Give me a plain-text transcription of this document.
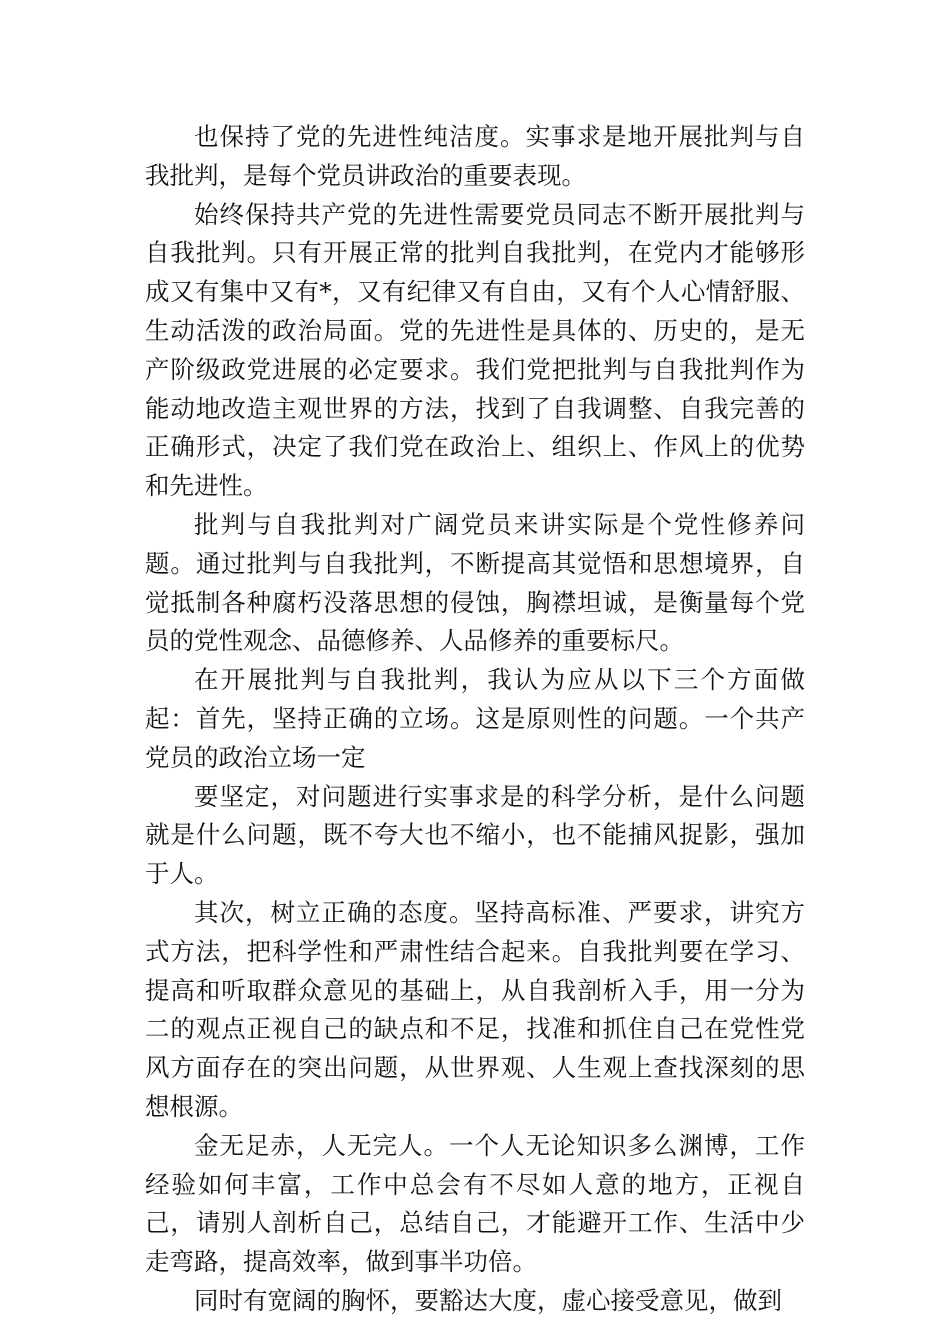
也保持了党的先进性纯洁度。实事求是地开展批判与自我批判，是每个党员讲政治的重要表现。

始终保持共产党的先进性需要党员同志不断开展批判与自我批判。只有开展正常的批判自我批判，在党内才能够形成又有集中又有*，又有纪律又有自由，又有个人心情舒服、生动活泼的政治局面。党的先进性是具体的、历史的，是无产阶级政党进展的必定要求。我们党把批判与自我批判作为能动地改造主观世界的方法，找到了自我调整、自我完善的正确形式，决定了我们党在政治上、组织上、作风上的优势和先进性。

批判与自我批判对广阔党员来讲实际是个党性修养问题。通过批判与自我批判，不断提高其觉悟和思想境界，自觉抵制各种腐朽没落思想的侵蚀，胸襟坦诚，是衡量每个党员的党性观念、品德修养、人品修养的重要标尺。

在开展批判与自我批判，我认为应从以下三个方面做起：首先，坚持正确的立场。这是原则性的问题。一个共产党员的政治立场一定

要坚定，对问题进行实事求是的科学分析，是什么问题就是什么问题，既不夸大也不缩小，也不能捕风捉影，强加于人。

其次，树立正确的态度。坚持高标准、严要求，讲究方式方法，把科学性和严肃性结合起来。自我批判要在学习、提高和听取群众意见的基础上，从自我剖析入手，用一分为二的观点正视自己的缺点和不足，找准和抓住自己在党性党风方面存在的突出问题，从世界观、人生观上查找深刻的思想根源。

金无足赤，人无完人。一个人无论知识多么渊博，工作经验如何丰富，工作中总会有不尽如人意的地方，正视自己，请别人剖析自己，总结自己，才能避开工作、生活中少走弯路，提高效率，做到事半功倍。

同时有宽阔的胸怀，要豁达大度，虚心接受意见，做到
